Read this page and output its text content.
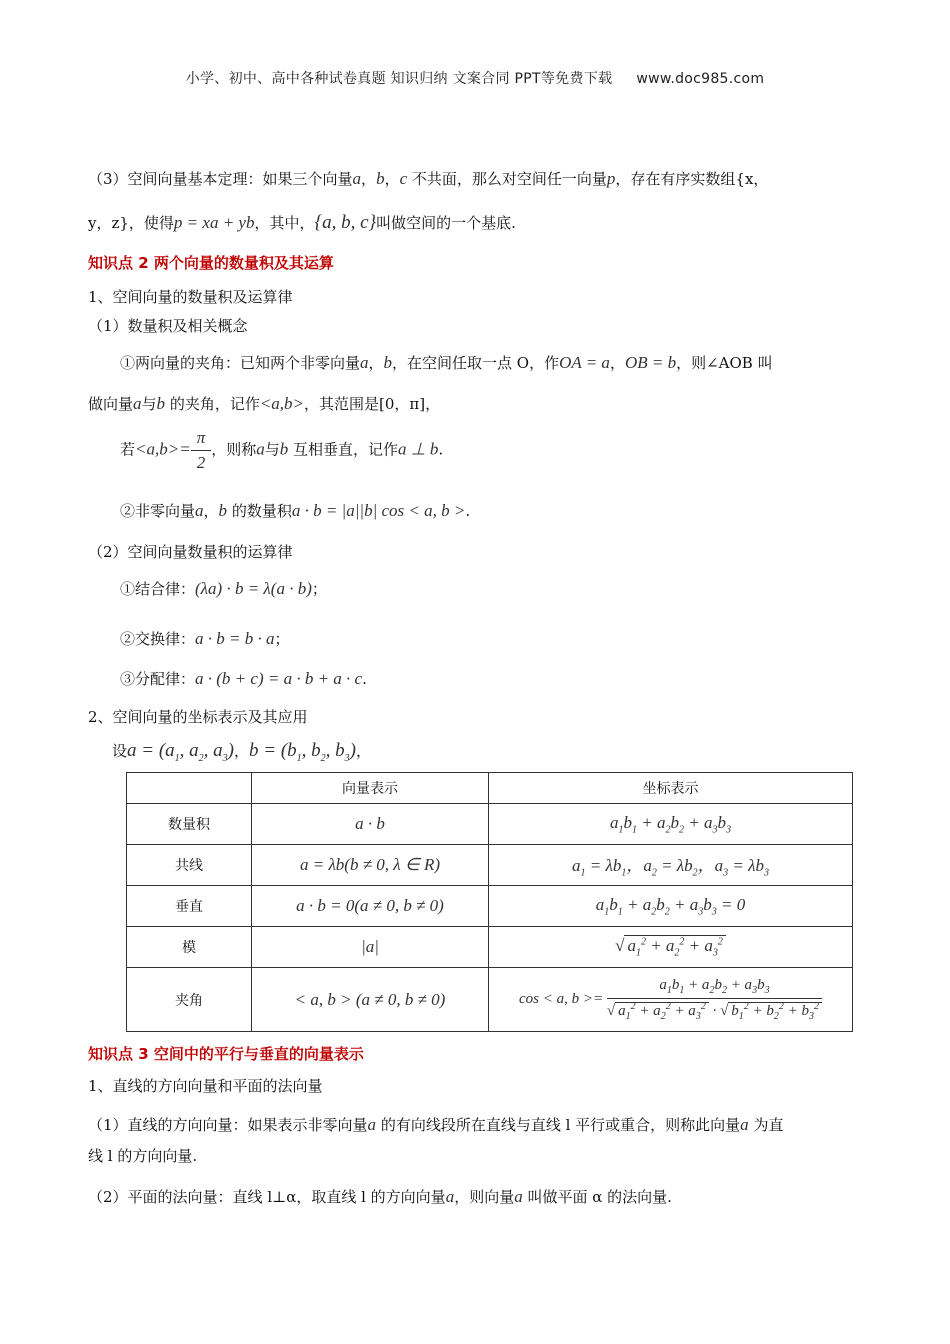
小学、初中、高中各种试卷真题 知识归纳 文案合同 PPT等免费下载 www.doc985.com
（3）空间向量基本定理：如果三个向量a，b，c 不共面，那么对空间任一向量p，存在有序实数组{x，
y，z}，使得p = xa + yb，其中，{a, b, c}叫做空间的一个基底.
知识点 2 两个向量的数量积及其运算
1、空间向量的数量积及运算律
（1）数量积及相关概念
①两向量的夹角：已知两个非零向量a，b，在空间任取一点 O，作OA = a，OB = b，则∠AOB 叫
做向量a与b 的夹角，记作<a,b>，其范围是[0，π]，
若$<a,b>= \frac{\pi}{2}$ ，则称a与b 互相垂直，记作a ⊥ b.
②非零向量a，b 的数量积a · b = |a||b| cos < a, b >.
（2）空间向量数量积的运算律
①结合律：(λa) · b = λ(a · b)；
②交换律：a · b = b · a；
③分配律：a · (b + c) = a · b + a · c.
2、空间向量的坐标表示及其应用
设$a = (a_1$, $a_2$, $a_3$)，$b = (b_1$, $b_2$, $b_3$)，
	向量表示	坐标表示
数量积	a · b	$a_1b_1 + a_2b_2 + a_3b_3$
共线	a = λb(b ≠ 0, λ ∈ R)	$a_1 = \lambda b_1$，$a_2 = \lambda b_2$，$a_3 = \lambda b_3$
垂直	a · b = 0(a ≠ 0, b ≠ 0)	$a_1b_1 + a_2b_2 + a_3b_3 = 0$
模	|a|	√ $a_1^2 + a_2^2 + a_3^2$
夹角	< a, b > (a ≠ 0, b ≠ 0)	cos < a, $b >= \frac{a_1b_1 + a_2b_2 + a_3b_3}{√ a_1^2 + a_2^2 + a_3^2 \cdot √ b_1^2 + b_2^2 + b_3^2}$
知识点 3 空间中的平行与垂直的向量表示
1、直线的方向向量和平面的法向量
（1）直线的方向向量：如果表示非零向量a 的有向线段所在直线与直线 l 平行或重合，则称此向量a 为直
线 l 的方向向量.
（2）平面的法向量：直线 l⊥α，取直线 l 的方向向量a，则向量a 叫做平面 α 的法向量.
